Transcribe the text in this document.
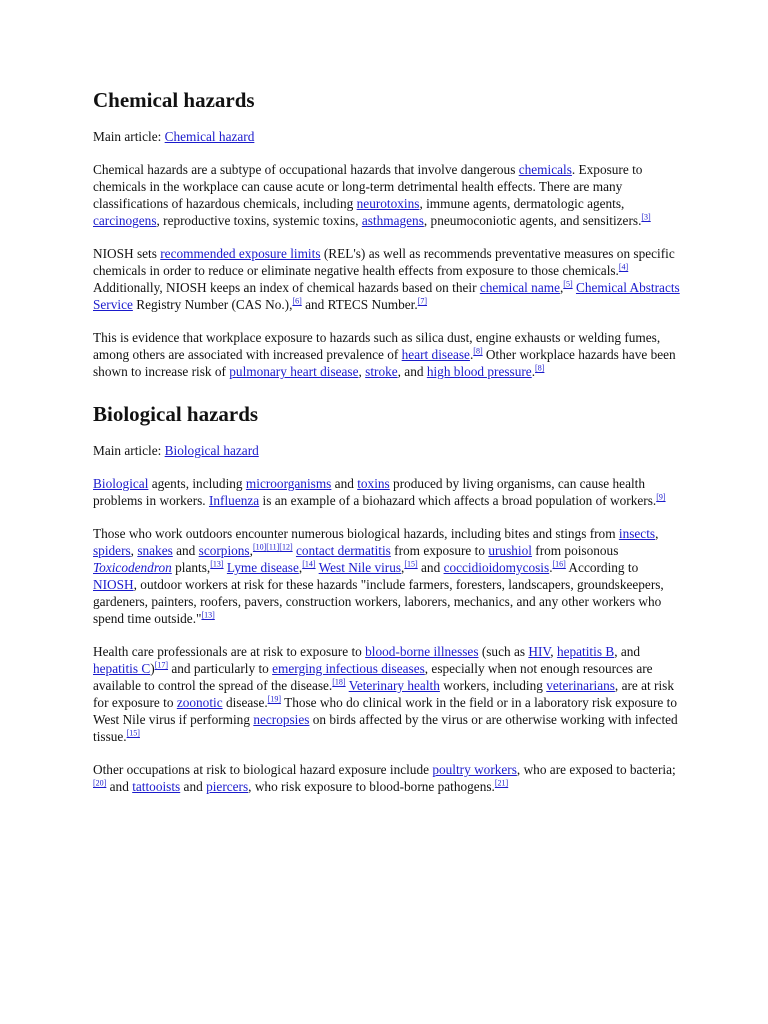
Chemical hazards

Main article: Chemical hazard

Chemical hazards are a subtype of occupational hazards that involve dangerous chemicals. Exposure to chemicals in the workplace can cause acute or long-term detrimental health effects. There are many classifications of hazardous chemicals, including neurotoxins, immune agents, dermatologic agents, carcinogens, reproductive toxins, systemic toxins, asthmagens, pneumoconiotic agents, and sensitizers.[3]

NIOSH sets recommended exposure limits (REL's) as well as recommends preventative measures on specific chemicals in order to reduce or eliminate negative health effects from exposure to those chemicals.[4] Additionally, NIOSH keeps an index of chemical hazards based on their chemical name,[5] Chemical Abstracts Service Registry Number (CAS No.),[6] and RTECS Number.[7]

This is evidence that workplace exposure to hazards such as silica dust, engine exhausts or welding fumes, among others are associated with increased prevalence of heart disease.[8] Other workplace hazards have been shown to increase risk of pulmonary heart disease, stroke, and high blood pressure.[8]

Biological hazards

Main article: Biological hazard

Biological agents, including microorganisms and toxins produced by living organisms, can cause health problems in workers. Influenza is an example of a biohazard which affects a broad population of workers.[9]

Those who work outdoors encounter numerous biological hazards, including bites and stings from insects, spiders, snakes and scorpions,[10][11][12] contact dermatitis from exposure to urushiol from poisonous Toxicodendron plants,[13] Lyme disease,[14] West Nile virus,[15] and coccidioidomycosis.[16] According to NIOSH, outdoor workers at risk for these hazards "include farmers, foresters, landscapers, groundskeepers, gardeners, painters, roofers, pavers, construction workers, laborers, mechanics, and any other workers who spend time outside."[13]

Health care professionals are at risk to exposure to blood-borne illnesses (such as HIV, hepatitis B, and hepatitis C)[17] and particularly to emerging infectious diseases, especially when not enough resources are available to control the spread of the disease.[18] Veterinary health workers, including veterinarians, are at risk for exposure to zoonotic disease.[19] Those who do clinical work in the field or in a laboratory risk exposure to West Nile virus if performing necropsies on birds affected by the virus or are otherwise working with infected tissue.[15]

Other occupations at risk to biological hazard exposure include poultry workers, who are exposed to bacteria;[20] and tattooists and piercers, who risk exposure to blood-borne pathogens.[21]
